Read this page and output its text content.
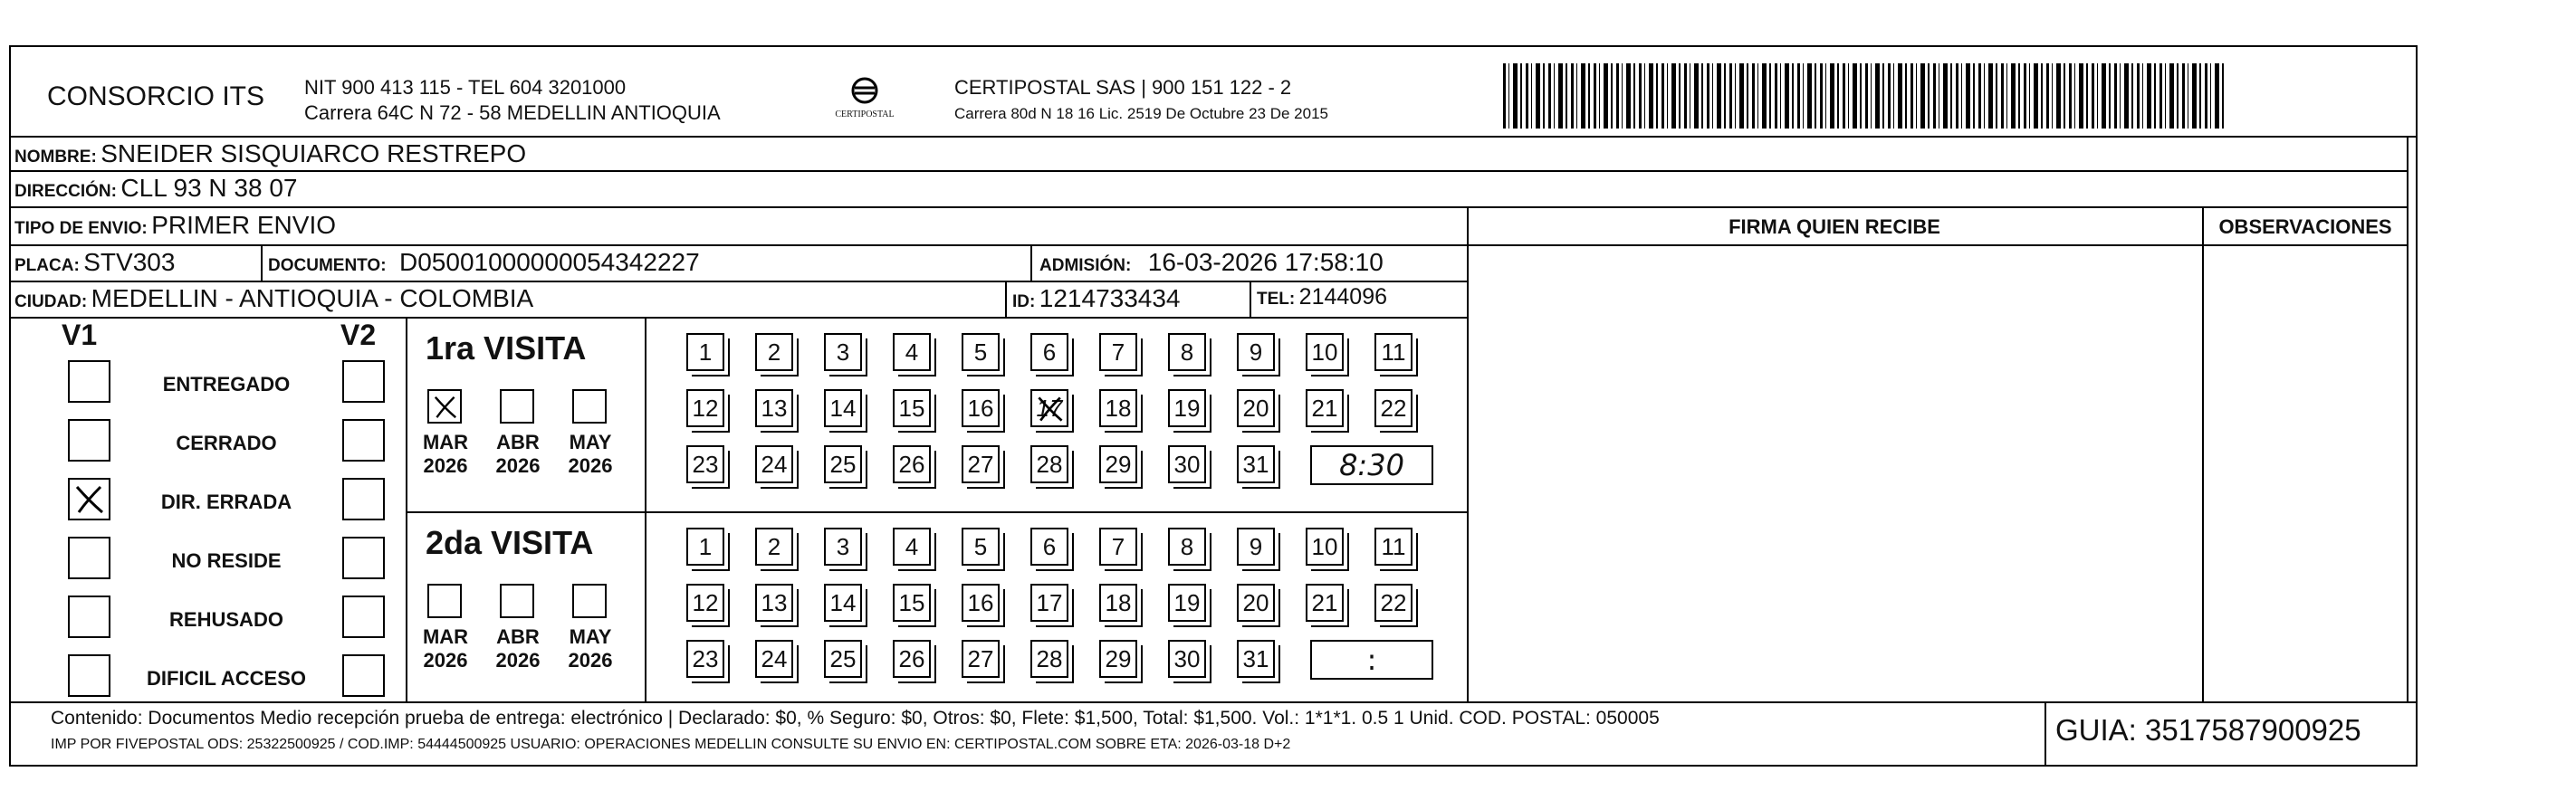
CONSORCIO ITS NIT 900 413 115 - TEL 604 3201000
Carrera 64C N 72 - 58 MEDELLIN ANTIOQUIA	CERTIPOSTAL
CERTIPOSTAL SAS | 900 151 122 - 2
Carrera 80d N 18 16 Lic. 2519 De Octubre 23 De 2015
NOMBRE: SNEIDER SISQUIARCO RESTREPO
DIRECCIÓN: CLL 93 N 38 07
TIPO DE ENVIO: PRIMER ENVIO
PLACA: STV303	DOCUMENTO: D05001000000054342227	ADMISIÓN: 16-03-2026 17:58:10
CIUDAD: MEDELLIN - ANTIOQUIA - COLOMBIA	ID: 1214733434	TEL: 2144096
FIRMA QUIEN RECIBE	OBSERVACIONES
V1	V2
ENTREGADO
CERRADO
DIR. ERRADA
NO RESIDE
REHUSADO
DIFICIL ACCESO
1ra VISITA
MAR
2026
ABR
2026
MAY
2026
1	2	3	4	5	6	7	8	9	10 11
12 13 14 15 16 17 18 19 20 21 22
23 24 25 26 27 28 29 30 31	8:30
2da VISITA
MAR
2026
ABR
2026
MAY
2026
1	2	3	4	5	6	7	8	9	10 11
12 13 14 15 16 17 18 19 20 21 22
23 24 25 26 27 28 29 30 31	:
Contenido: Documentos Medio recepción prueba de entrega: electrónico | Declarado: $0, % Seguro: $0, Otros: $0, Flete: $1,500, Total: $1,500. Vol.: 1*1*1. 0.5 1 Unid. COD. POSTAL: 050005
IMP POR FIVEPOSTAL ODS: 25322500925 / COD.IMP: 54444500925 USUARIO: OPERACIONES MEDELLIN CONSULTE SU ENVIO EN: CERTIPOSTAL.COM SOBRE ETA: 2026-03-18 D+2	GUIA: 3517587900925
